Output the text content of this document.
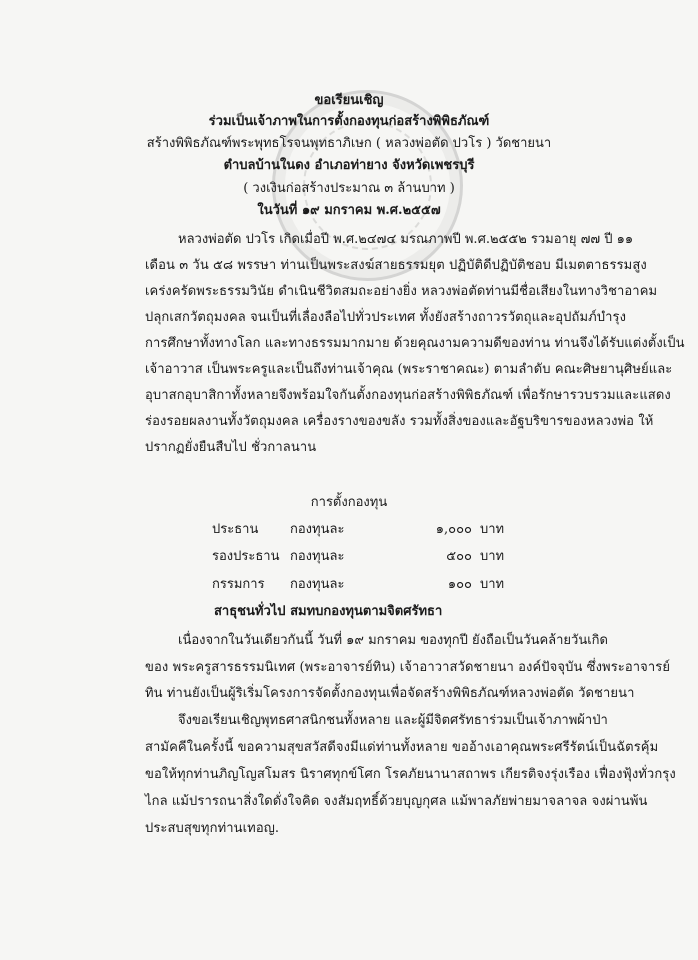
ขอเรียนเชิญ
ร่วมเป็นเจ้าภาพในการตั้งกองทุนก่อสร้างพิพิธภัณฑ์
สร้างพิพิธภัณฑ์พระพุทธโรจนพุทธาภิเษก ( หลวงพ่อตัด ปวโร ) วัดชายนา
ตำบลบ้านในดง อำเภอท่ายาง จังหวัดเพชรบุรี
( วงเงินก่อสร้างประมาณ ๓ ล้านบาท )
ในวันที่ ๑๙ มกราคม พ.ศ.๒๕๕๗
หลวงพ่อตัด ปวโร เกิดเมื่อปี พ.ศ.๒๔๗๔ มรณภาพปี พ.ศ.๒๕๕๒ รวมอายุ ๗๗ ปี ๑๑
เดือน ๓ วัน ๕๘ พรรษา ท่านเป็นพระสงฆ์สายธรรมยุต ปฏิบัติดีปฏิบัติชอบ มีเมตตาธรรมสูง
เคร่งครัดพระธรรมวินัย ดำเนินชีวิตสมถะอย่างยิ่ง หลวงพ่อตัดท่านมีชื่อเสียงในทางวิชาอาคม
ปลุกเสกวัตถุมงคล จนเป็นที่เลื่องลือไปทั่วประเทศ ทั้งยังสร้างถาวรวัตถุและอุปถัมภ์บำรุง
การศึกษาทั้งทางโลก และทางธรรมมากมาย ด้วยคุณงามความดีของท่าน ท่านจึงได้รับแต่งตั้งเป็น
เจ้าอาวาส เป็นพระครูและเป็นถึงท่านเจ้าคุณ (พระราชาคณะ) ตามลำดับ คณะศิษยานุศิษย์และ
อุบาสกอุบาสิกาทั้งหลายจึงพร้อมใจกันตั้งกองทุนก่อสร้างพิพิธภัณฑ์ เพื่อรักษารวบรวมและแสดง
ร่องรอยผลงานทั้งวัตถุมงคล เครื่องรางของขลัง รวมทั้งสิ่งของและอัฐบริขารของหลวงพ่อ ให้
ปรากฏยั่งยืนสืบไป ชั่วกาลนาน
การตั้งกองทุน
ประธาน กองทุนละ	๑,๐๐๐ บาท
รองประธาน กองทุนละ	๕๐๐ บาท
กรรมการ กองทุนละ	๑๐๐ บาท
สาธุชนทั่วไป สมทบกองทุนตามจิตศรัทธา
เนื่องจากในวันเดียวกันนี้ วันที่ ๑๙ มกราคม ของทุกปี ยังถือเป็นวันคล้ายวันเกิด
ของ พระครูสารธรรมนิเทศ (พระอาจารย์ทิน) เจ้าอาวาสวัดชายนา องค์ปัจจุบัน ซึ่งพระอาจารย์
ทิน ท่านยังเป็นผู้ริเริ่มโครงการจัดตั้งกองทุนเพื่อจัดสร้างพิพิธภัณฑ์หลวงพ่อตัด วัดชายนา
จึงขอเรียนเชิญพุทธศาสนิกชนทั้งหลาย และผู้มีจิตศรัทธาร่วมเป็นเจ้าภาพผ้าป่า
สามัคคีในครั้งนี้ ขอความสุขสวัสดีจงมีแด่ท่านทั้งหลาย ขออ้างเอาคุณพระศรีรัตน์เป็นฉัตรคุ้ม
ขอให้ทุกท่านภิญโญสโมสร นิราศทุกข์โศก โรคภัยนานาสถาพร เกียรติจงรุ่งเรือง เฟื่องฟุ้งทั่วกรุง
ไกล แม้ปรารถนาสิ่งใดดั่งใจคิด จงสัมฤทธิ์ด้วยบุญกุศล แม้พาลภัยพ่ายมาจลาจล จงผ่านพ้น
ประสบสุขทุกท่านเทอญ.
